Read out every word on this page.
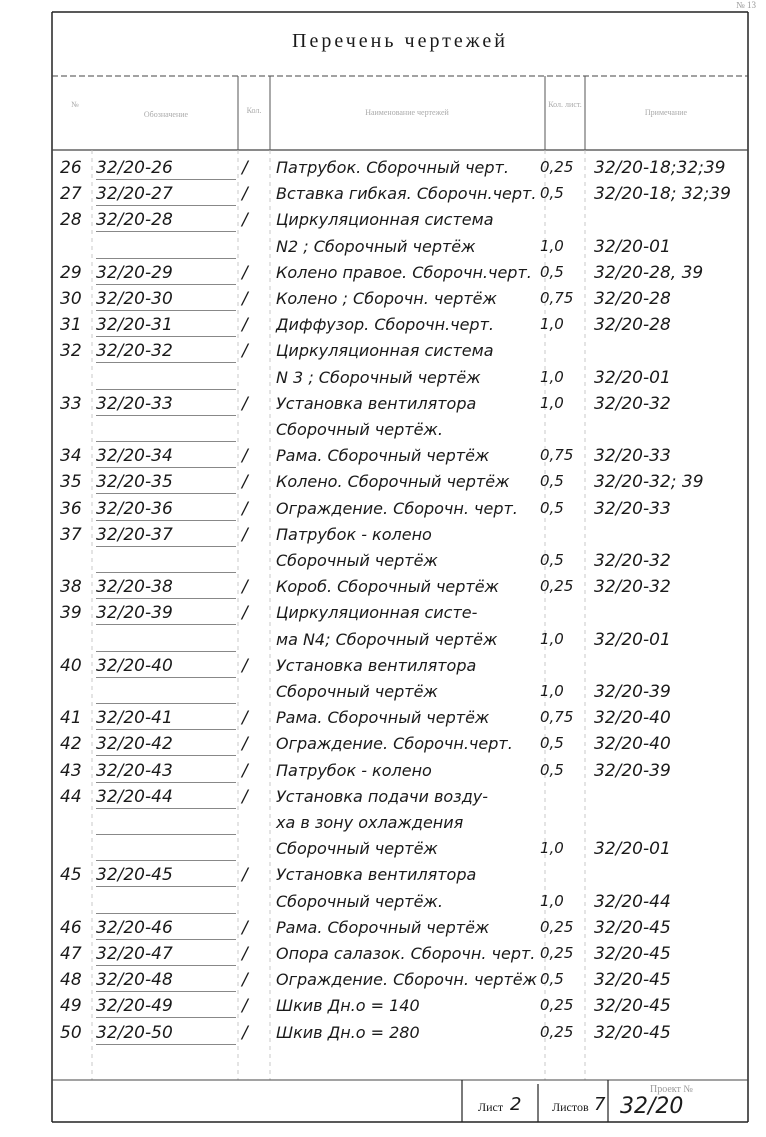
№ 13
Перечень чертежей
№
Обозначение	Кол.	Наименование чертежей
Кол. лист.
Примечание
26 32/20-26	/	Патрубок. Сборочный черт.	0,25	32/20-18;32;39
27 32/20-27	/	Вставка гибкая. Сборочн.черт. 0,5	32/20-18; 32;39
28 32/20-28	/	Циркуляционная система
N2 ; Сборочный чертёж	1,0	32/20-01
29 32/20-29	/	Колено правое. Сборочн.черт. 0,5	32/20-28, 39
30 32/20-30	/	Колено ; Сборочн. чертёж	0,75	32/20-28
31 32/20-31	/	Диффузор. Сборочн.черт.	1,0	32/20-28
32 32/20-32	/	Циркуляционная система
N 3 ; Сборочный чертёж	1,0	32/20-01
33 32/20-33	/	Установка вентилятора	1,0	32/20-32
Сборочный чертёж.
34 32/20-34	/	Рама. Сборочный чертёж	0,75	32/20-33
35 32/20-35	/	Колено. Сборочный чертёж	0,5	32/20-32; 39
36 32/20-36	/	Ограждение. Сборочн. черт.	0,5	32/20-33
37 32/20-37	/	Патрубок - колено
Сборочный чертёж	0,5	32/20-32
38 32/20-38	/	Короб. Сборочный чертёж	0,25	32/20-32
39 32/20-39	/	Циркуляционная систе-
ма N4; Сборочный чертёж	1,0	32/20-01
40 32/20-40	/	Установка вентилятора
Сборочный чертёж	1,0	32/20-39
41 32/20-41	/	Рама. Сборочный чертёж	0,75	32/20-40
42 32/20-42	/	Ограждение. Сборочн.черт.	0,5	32/20-40
43 32/20-43	/	Патрубок - колено	0,5	32/20-39
44 32/20-44	/	Установка подачи возду-
ха в зону охлаждения
Сборочный чертёж	1,0	32/20-01
45 32/20-45	/	Установка вентилятора
Сборочный чертёж.	1,0	32/20-44
46 32/20-46	/	Рама. Сборочный чертёж	0,25	32/20-45
47 32/20-47	/	Опора салазок. Сборочн. черт. 0,25	32/20-45
48 32/20-48	/	Ограждение. Сборочн. чертёж 0,5	32/20-45
49 32/20-49	/	Шкив Дн.о = 140	0,25	32/20-45
50 32/20-50	/	Шкив Дн.о = 280	0,25	32/20-45
Лист 2	Листов 7
Проект №
32/20
